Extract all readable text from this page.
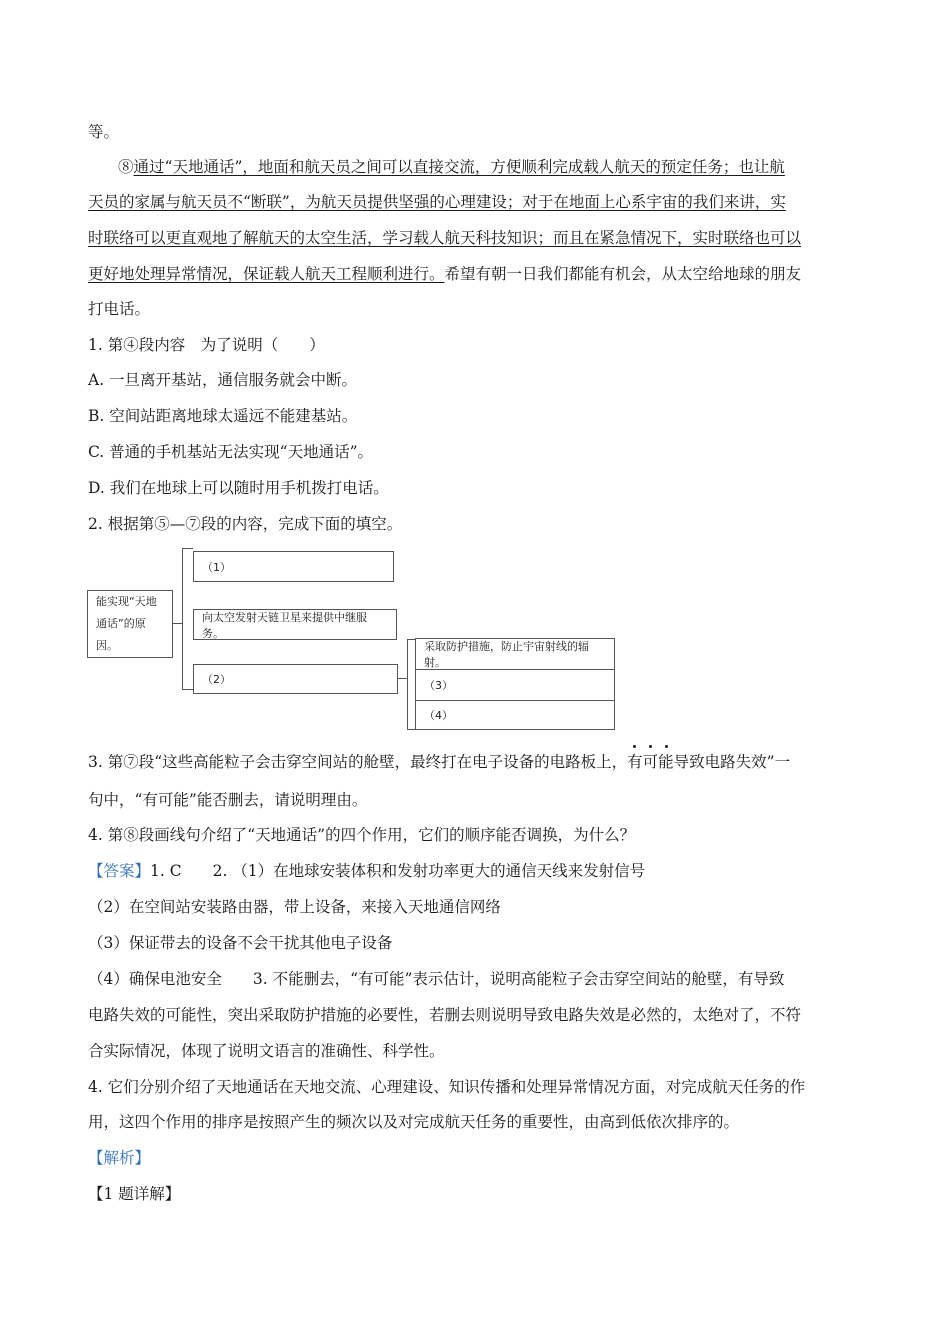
等。
⑧通过“天地通话”，地面和航天员之间可以直接交流，方便顺利完成载人航天的预定任务；也让航
天员的家属与航天员不“断联”，为航天员提供坚强的心理建设；对于在地面上心系宇宙的我们来讲，实
时联络可以更直观地了解航天的太空生活，学习载人航天科技知识；而且在紧急情况下，实时联络也可以
更好地处理异常情况，保证载人航天工程顺利进行。希望有朝一日我们都能有机会，从太空给地球的朋友
打电话。
1. 第④段内容　为了说明（　　）
A. 一旦离开基站，通信服务就会中断。
B. 空间站距离地球太遥远不能建基站。
C. 普通的手机基站无法实现“天地通话”。
D. 我们在地球上可以随时用手机拨打电话。
2. 根据第⑤—⑦段的内容，完成下面的填空。
能实现“天地
通话”的原因。
（1）
向太空发射天链卫星来提供中继服务。
（2）
采取防护措施，防止宇宙射线的辐射。
（3）
（4）
3. 第⑦段“这些高能粒子会击穿空间站的舱壁，最终打在电子设备的电路板上，有可能
导致电路失效”一
句中，“有可能”能否删去，请说明理由。
4. 第⑧段画线句介绍了“天地通话”的四个作用，它们的顺序能否调换，为什么？
【答案】1. C　　2. （1）在地球安装体积和发射功率更大的通信天线来发射信号
（2）在空间站安装路由器，带上设备，来接入天地通信网络
（3）保证带去的设备不会干扰其他电子设备
（4）确保电池安全　　3. 不能删去，“有可能”表示估计，说明高能粒子会击穿空间站的舱壁，有导致
电路失效的可能性，突出采取防护措施的必要性，若删去则说明导致电路失效是必然的，太绝对了，不符
合实际情况，体现了说明文语言的准确性、科学性。
4. 它们分别介绍了天地通话在天地交流、心理建设、知识传播和处理异常情况方面，对完成航天任务的作
用，这四个作用的排序是按照产生的频次以及对完成航天任务的重要性，由高到低依次排序的。
【解析】
【1 题详解】
